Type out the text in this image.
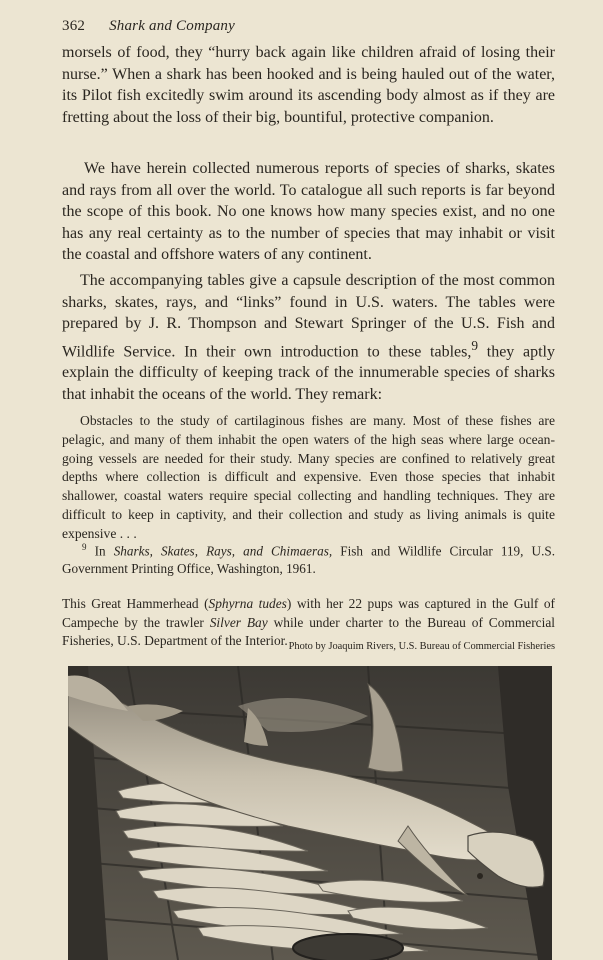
362 Shark and Company

morsels of food, they “hurry back again like children afraid of losing their nurse.” When a shark has been hooked and is being hauled out of the water, its Pilot fish excitedly swim around its ascending body almost as if they are fretting about the loss of their big, bountiful, protective companion.

We have herein collected numerous reports of species of sharks, skates and rays from all over the world. To catalogue all such reports is far beyond the scope of this book. No one knows how many species exist, and no one has any real certainty as to the number of species that may inhabit or visit the coastal and offshore waters of any continent.

The accompanying tables give a capsule description of the most common sharks, skates, rays, and “links” found in U.S. waters. The tables were prepared by J. R. Thompson and Stewart Springer of the U.S. Fish and Wildlife Service. In their own introduction to these tables,$^9$ they aptly explain the difficulty of keeping track of the innumerable species of sharks that inhabit the oceans of the world. They remark:

Obstacles to the study of cartilaginous fishes are many. Most of these fishes are pelagic, and many of them inhabit the open waters of the high seas where large ocean-going vessels are needed for their study. Many species are confined to relatively great depths where collection is difficult and expensive. Even those species that inhabit shallower, coastal waters require special collecting and handling techniques. They are difficult to keep in captivity, and their collection and study as living animals is quite expensive . . .

$^9$ In Sharks, Skates, Rays, and Chimaeras, Fish and Wildlife Circular 119, U.S. Government Printing Office, Washington, 1961.

This Great Hammerhead (Sphyrna tudes) with her 22 pups was captured in the Gulf of Campeche by the trawler Silver Bay while under charter to the Bureau of Commercial Fisheries, U.S. Department of the Interior. Photo by Joaquim Rivers, U.S. Bureau of Commercial Fisheries
